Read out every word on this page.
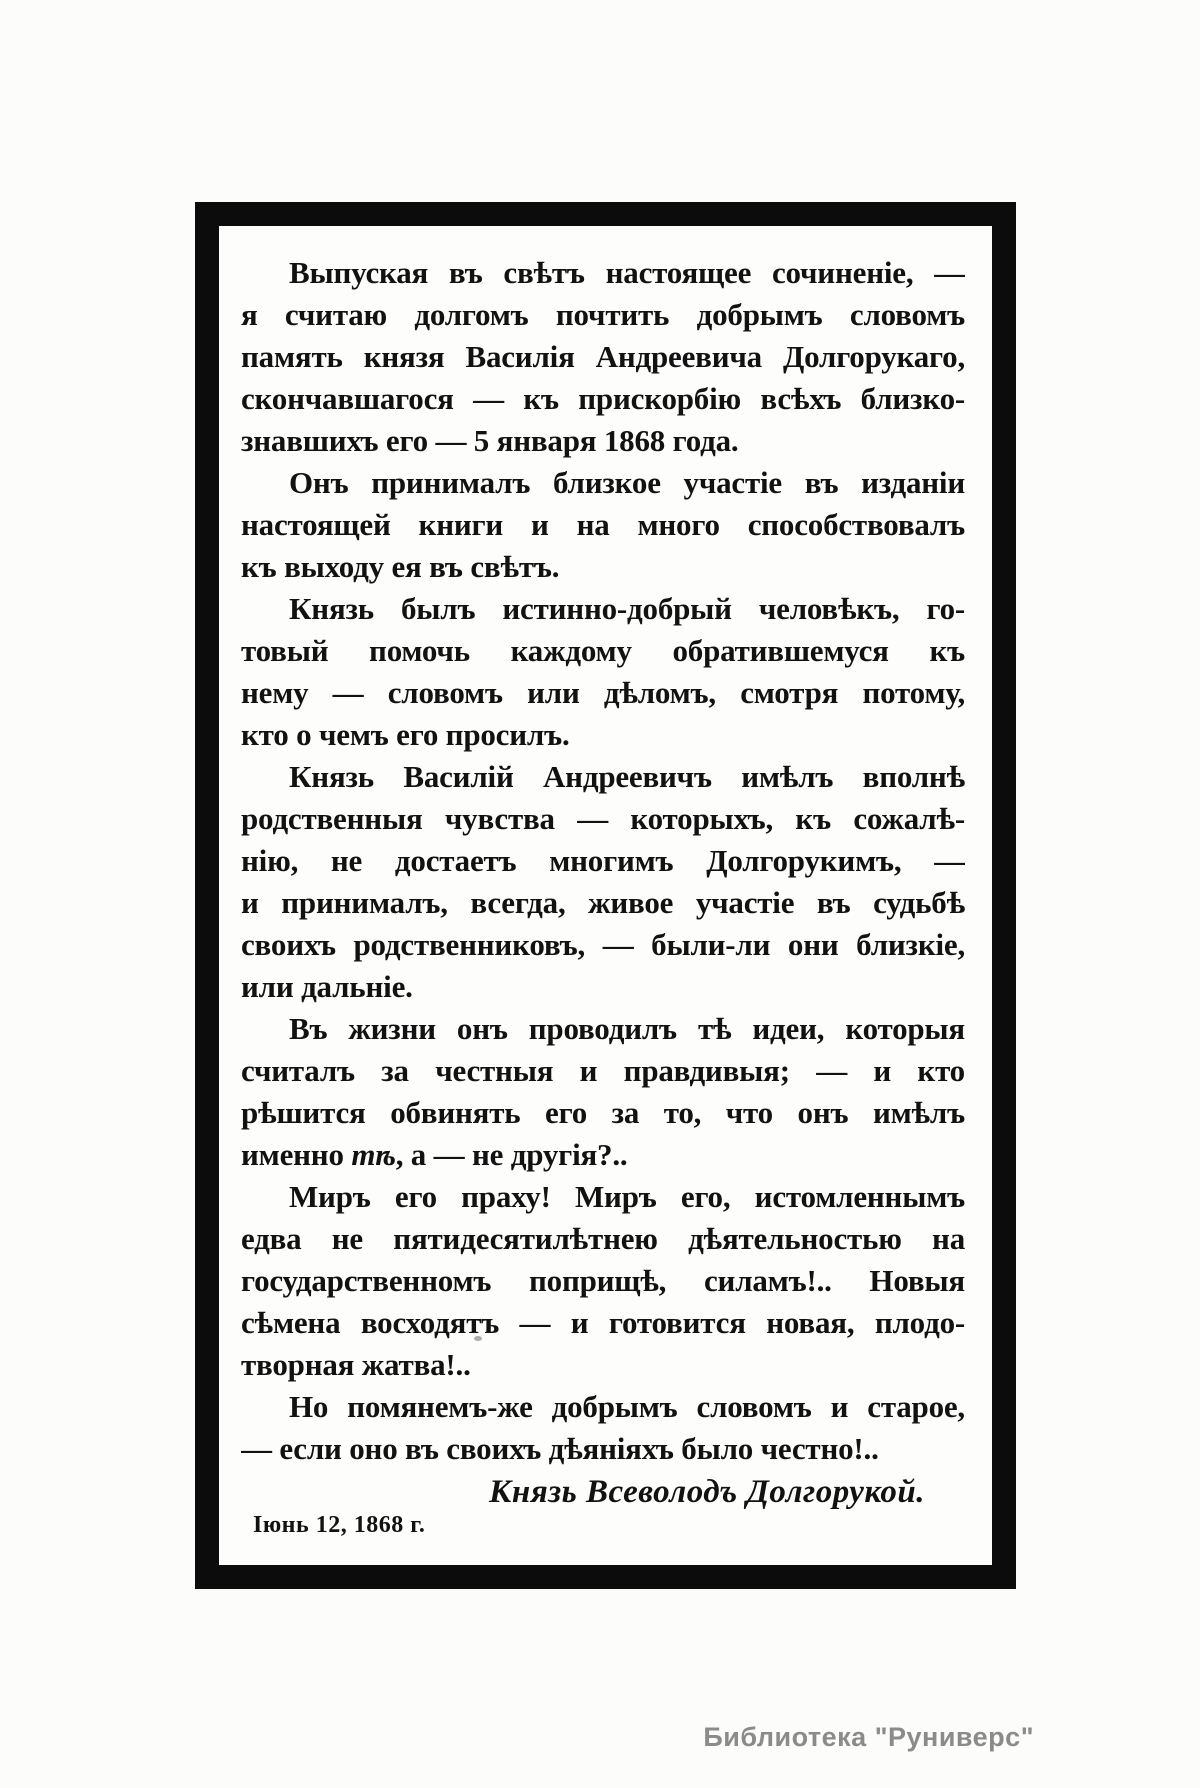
Выпуская въ свѣтъ настоящее сочиненіе, —
я считаю долгомъ почтить добрымъ словомъ
память князя Василія Андреевича Долгорукаго,
скончавшагося — къ прискорбію всѣхъ близко-
знавшихъ его — 5 января 1868 года.
Онъ принималъ близкое участіе въ изданіи
настоящей книги и на много способствовалъ
къ выходу ея въ свѣтъ.
Князь былъ истинно-добрый человѣкъ, го-
товый помочь каждому обратившемуся къ
нему — словомъ или дѣломъ, смотря потому,
кто о чемъ его просилъ.
Князь Василій Андреевичъ имѣлъ вполнѣ
родственныя чувства — которыхъ, къ сожалѣ-
нію, не достаетъ многимъ Долгорукимъ, —
и принималъ, всегда, живое участіе въ судьбѣ
своихъ родственниковъ, — были-ли они близкіе,
или дальніе.
Въ жизни онъ проводилъ тѣ идеи, которыя
считалъ за честныя и правдивыя; — и кто
рѣшится обвинять его за то, что онъ имѣлъ
именно тѣ, а — не другія?..
Миръ его праху! Миръ его, истомленнымъ
едва не пятидесятилѣтнею дѣятельностью на
государственномъ поприщѣ, силамъ!.. Новыя
сѣмена восходятъ — и готовится новая, плодо-
творная жатва!..
Но помянемъ-же добрымъ словомъ и старое,
— если оно въ своихъ дѣяніяхъ было честно!..
Князь Всеволодъ Долгорукой.
Іюнь 12, 1868 г.
Библиотека "Руниверс"
